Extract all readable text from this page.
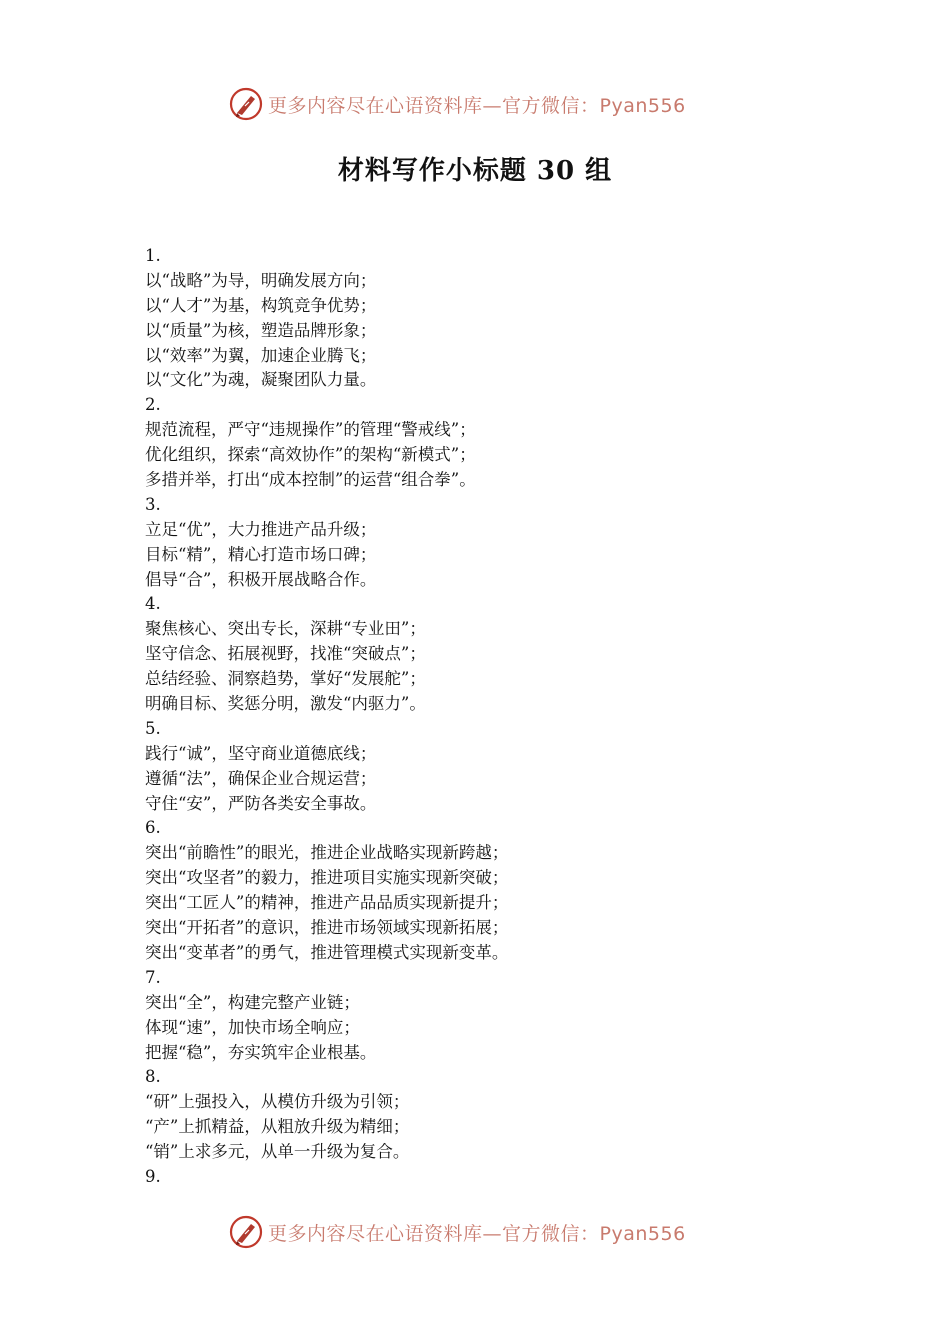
更多内容尽在心语资料库—官方微信：Pyan556
材料写作小标题 30 组
1.
以“战略”为导，明确发展方向；
以“人才”为基，构筑竞争优势；
以“质量”为核，塑造品牌形象；
以“效率”为翼，加速企业腾飞；
以“文化”为魂，凝聚团队力量。
2.
规范流程，严守“违规操作”的管理“警戒线”；
优化组织，探索“高效协作”的架构“新模式”；
多措并举，打出“成本控制”的运营“组合拳”。
3.
立足“优”，大力推进产品升级；
目标“精”，精心打造市场口碑；
倡导“合”，积极开展战略合作。
4.
聚焦核心、突出专长，深耕“专业田”；
坚守信念、拓展视野，找准“突破点”；
总结经验、洞察趋势，掌好“发展舵”；
明确目标、奖惩分明，激发“内驱力”。
5.
践行“诚”，坚守商业道德底线；
遵循“法”，确保企业合规运营；
守住“安”，严防各类安全事故。
6.
突出“前瞻性”的眼光，推进企业战略实现新跨越；
突出“攻坚者”的毅力，推进项目实施实现新突破；
突出“工匠人”的精神，推进产品品质实现新提升；
突出“开拓者”的意识，推进市场领域实现新拓展；
突出“变革者”的勇气，推进管理模式实现新变革。
7.
突出“全”，构建完整产业链；
体现“速”，加快市场全响应；
把握“稳”，夯实筑牢企业根基。
8.
“研”上强投入，从模仿升级为引领；
“产”上抓精益，从粗放升级为精细；
“销”上求多元，从单一升级为复合。
9.
更多内容尽在心语资料库—官方微信：Pyan556
